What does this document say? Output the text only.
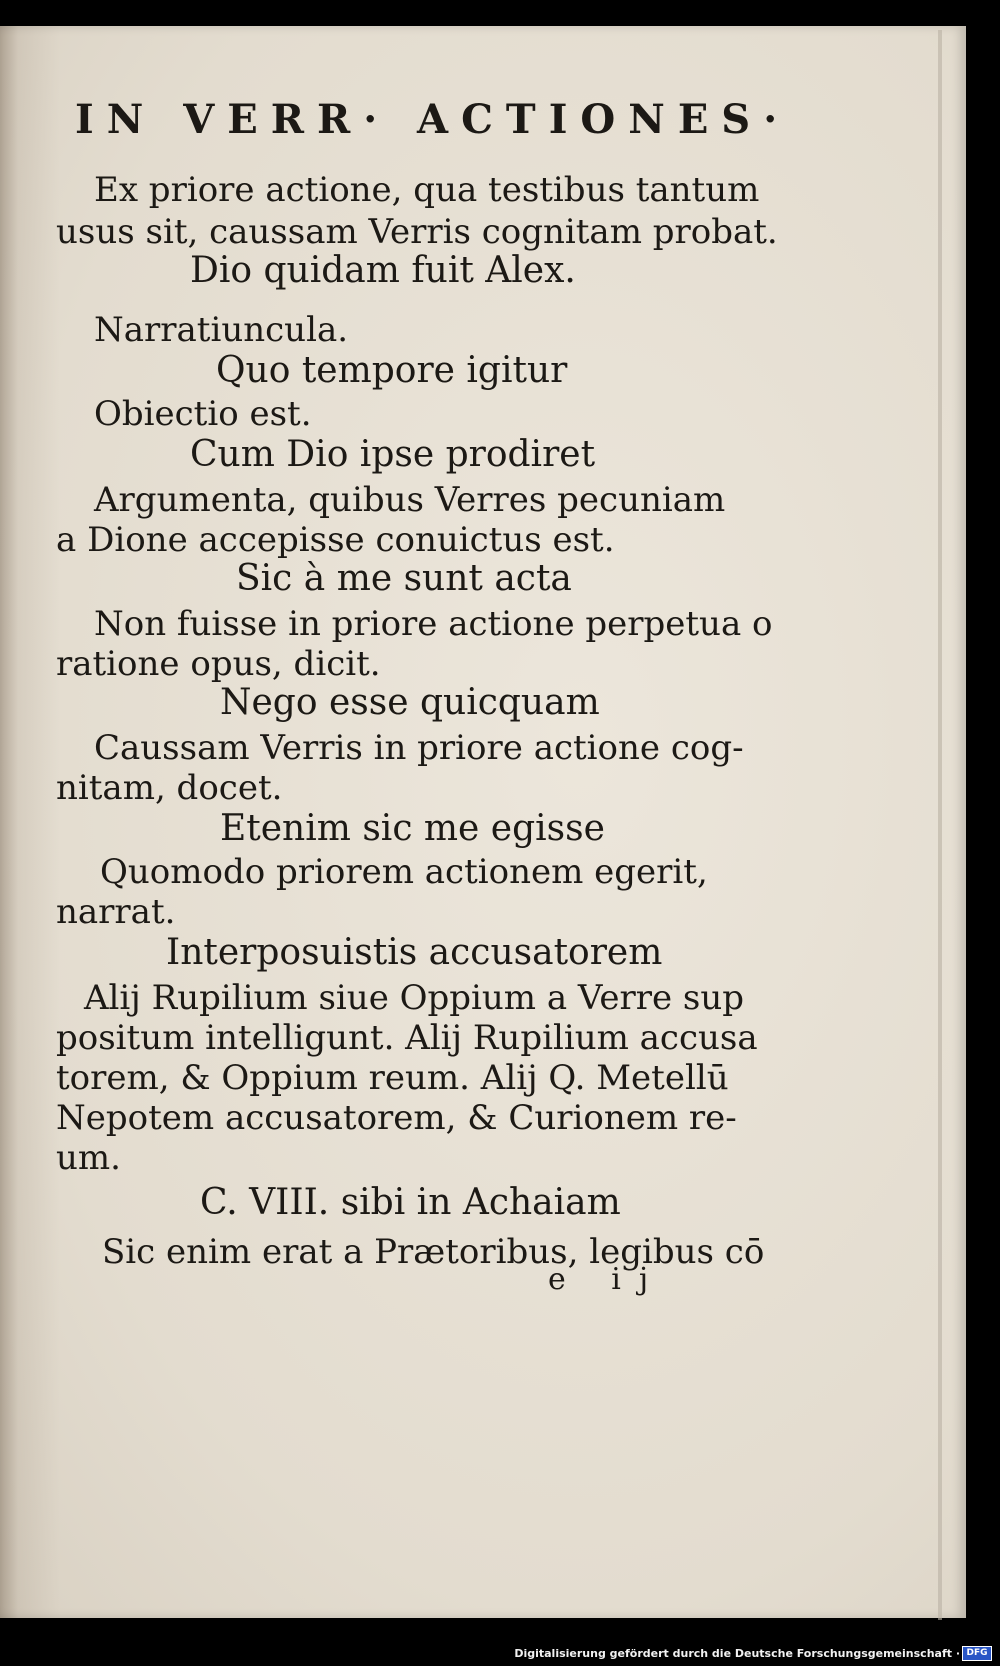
IN VERR· ACTIONES·
Ex priore actione, qua testibus tantum
usus sit, caussam Verris cognitam probat.
Dio quidam fuit Alex.
Narratiuncula.
Quo tempore igitur
Obiectio est.
Cum Dio ipse prodiret
Argumenta, quibus Verres pecuniam
a Dione accepisse conuictus est.
Sic à me sunt acta
Non fuisse in priore actione perpetua o
ratione opus, dicit.
Nego esse quicquam
Caussam Verris in priore actione cog-
nitam, docet.
Etenim sic me egisse
Quomodo priorem actionem egerit,
narrat.
Interposuistis accusatorem
Alij Rupilium siue Oppium a Verre sup
positum intelligunt. Alij Rupilium accusa
torem, & Oppium reum. Alij Q. Metellū
Nepotem accusatorem, & Curionem re-
um.
C. VIII. sibi in Achaiam
Sic enim erat a Prætoribus, legibus cō
e ij
Digitalisierung gefördert durch die Deutsche Forschungsgemeinschaft · DFG
